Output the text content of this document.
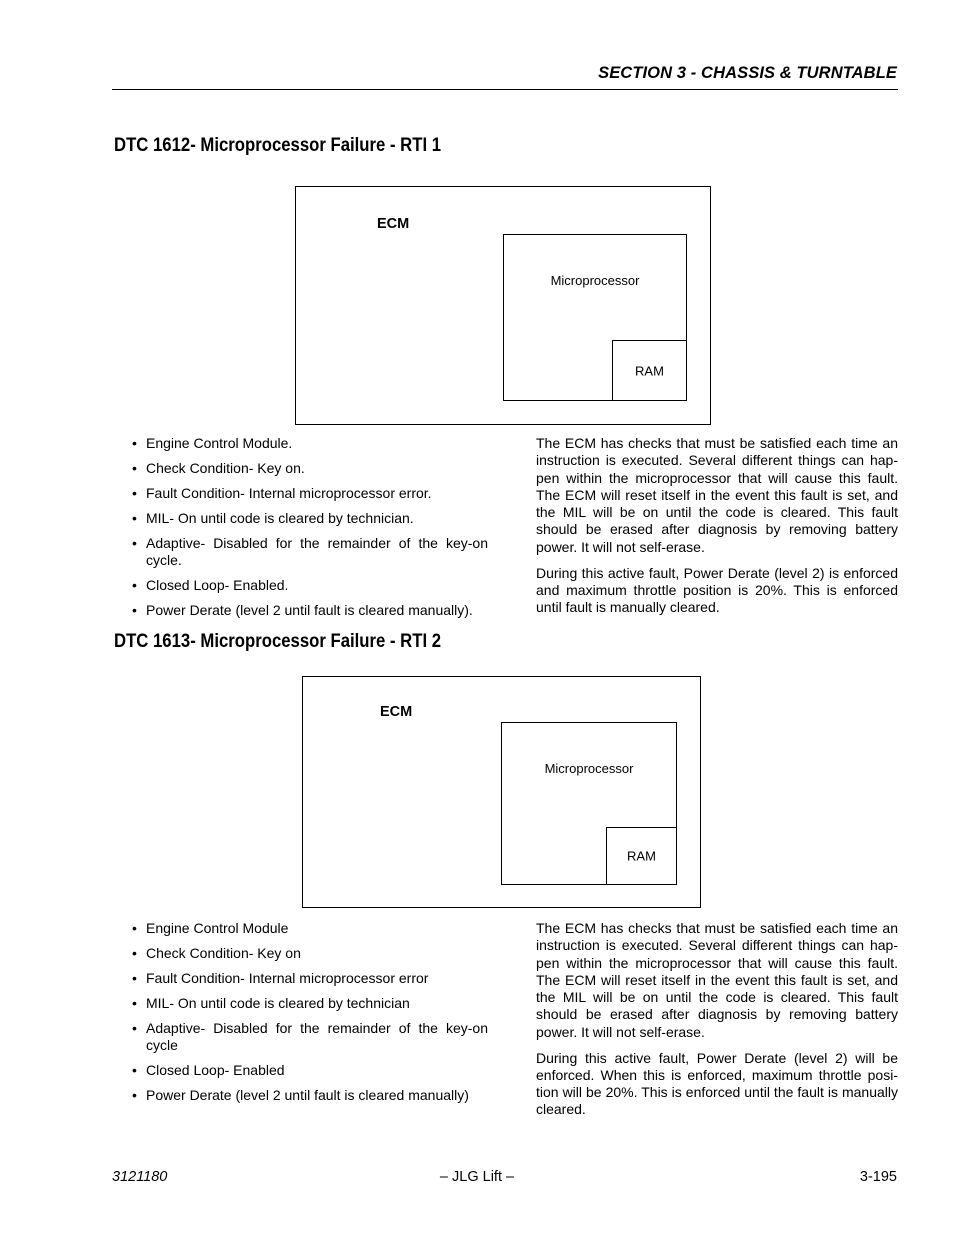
SECTION 3 - CHASSIS & TURNTABLE
DTC 1612- Microprocessor Failure - RTI 1
ECM
Microprocessor
RAM
• Engine Control Module.
• Check Condition- Key on.
• Fault Condition- Internal microprocessor error.
• MIL- On until code is cleared by technician.
• Adaptive- Disabled for the remainder of the key-on cycle.
• Closed Loop- Enabled.
• Power Derate (level 2 until fault is cleared manually).

The ECM has checks that must be satisfied each time an instruction is executed. Several different things can hap-pen within the microprocessor that will cause this fault. The ECM will reset itself in the event this fault is set, and the MIL will be on until the code is cleared. This fault should be erased after diagnosis by removing battery power. It will not self-erase.

During this active fault, Power Derate (level 2) is enforced and maximum throttle position is 20%. This is enforced until fault is manually cleared.

DTC 1613- Microprocessor Failure - RTI 2
ECM
Microprocessor
RAM
• Engine Control Module
• Check Condition- Key on
• Fault Condition- Internal microprocessor error
• MIL- On until code is cleared by technician
• Adaptive- Disabled for the remainder of the key-on cycle
• Closed Loop- Enabled
• Power Derate (level 2 until fault is cleared manually)

The ECM has checks that must be satisfied each time an instruction is executed. Several different things can hap-pen within the microprocessor that will cause this fault. The ECM will reset itself in the event this fault is set, and the MIL will be on until the code is cleared. This fault should be erased after diagnosis by removing battery power. It will not self-erase.

During this active fault, Power Derate (level 2) will be enforced. When this is enforced, maximum throttle posi-tion will be 20%. This is enforced until the fault is manually cleared.

3121180	– JLG Lift –	3-195
